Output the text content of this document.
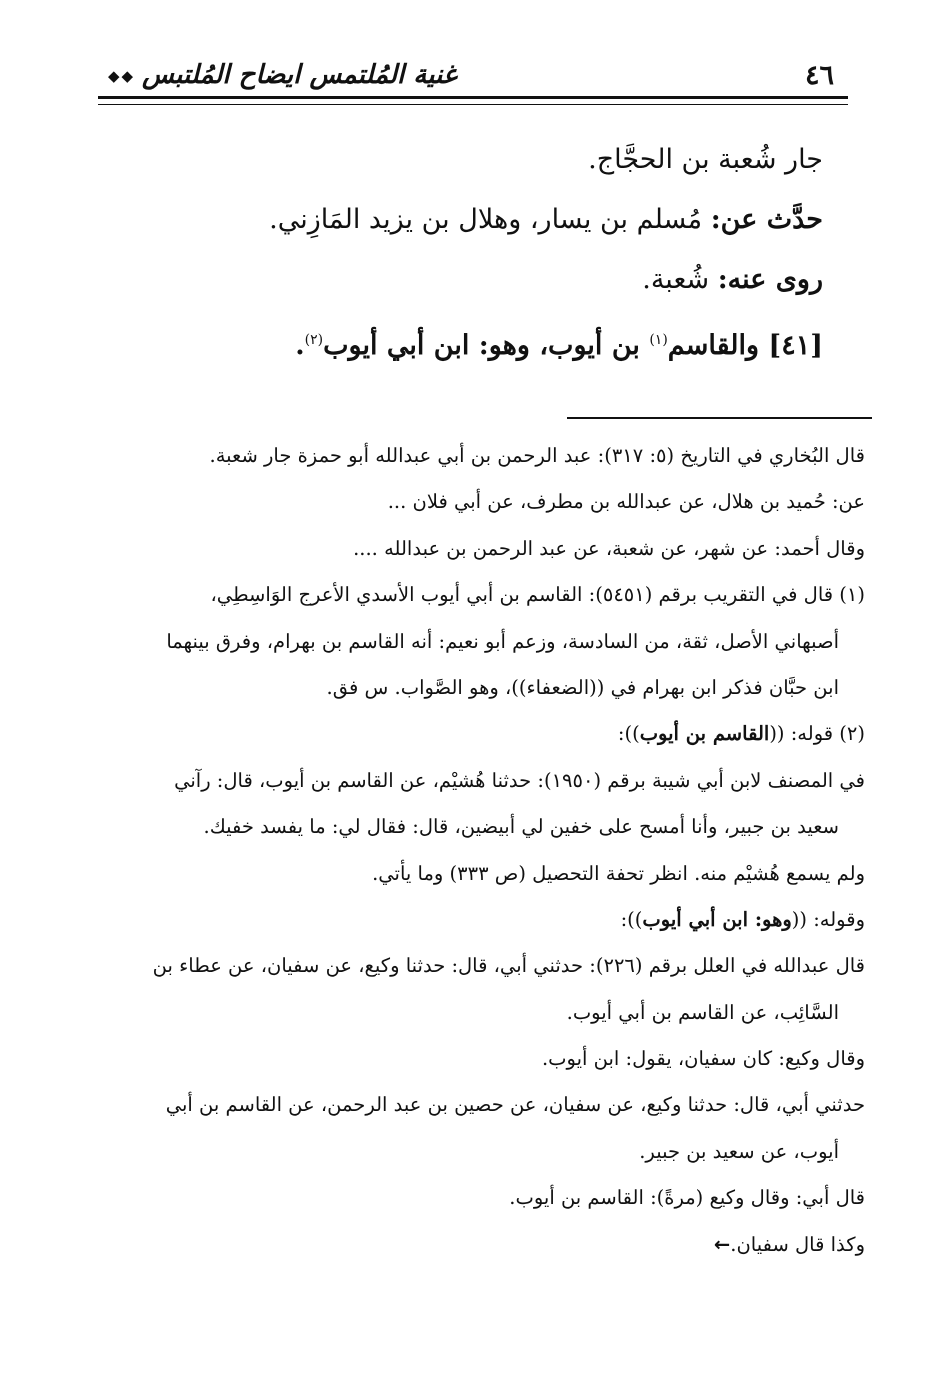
٤٦
غنية المُلتمس ايضاح المُلتبس
◆◆
جار شُعبة بن الحجَّاج.
حدَّث عن: مُسلم بن يسار، وهلال بن يزيد المَازِني.
روى عنه: شُعبة.
[٤١] والقاسم$^{(١)}$ بن أيوب، وهو: ابن أبي أيوب$^{(٢)}$.
قال البُخاري في التاريخ (٥: ٣١٧): عبد الرحمن بن أبي عبدالله أبو حمزة جار شعبة.
عن: حُميد بن هلال، عن عبدالله بن مطرف، عن أبي فلان ...
وقال أحمد: عن شهر، عن شعبة، عن عبد الرحمن بن عبدالله ....
(١) قال في التقريب برقم (٥٤٥١): القاسم بن أبي أيوب الأسدي الأعرج الوَاسِطِي،
أصبهاني الأصل، ثقة، من السادسة، وزعم أبو نعيم: أنه القاسم بن بهرام، وفرق بينهما
ابن حبَّان فذكر ابن بهرام في ((الضعفاء))، وهو الصَّواب. س فق.
(٢) قوله: ((القاسم بن أيوب)):
في المصنف لابن أبي شيبة برقم (١٩٥٠): حدثنا هُشيْم، عن القاسم بن أيوب، قال: رآني
سعيد بن جبير، وأنا أمسح على خفين لي أبيضين، قال: فقال لي: ما يفسد خفيك.
ولم يسمع هُشيْم منه. انظر تحفة التحصيل (ص ٣٣٣) وما يأتي.
وقوله: ((وهو: ابن أبي أيوب)):
قال عبدالله في العلل برقم (٢٢٦): حدثني أبي، قال: حدثنا وكيع، عن سفيان، عن عطاء بن
السَّائِب، عن القاسم بن أبي أيوب.
وقال وكيع: كان سفيان، يقول: ابن أيوب.
حدثني أبي، قال: حدثنا وكيع، عن سفيان، عن حصين بن عبد الرحمن، عن القاسم بن أبي
أيوب، عن سعيد بن جبير.
قال أبي: وقال وكيع (مرةً): القاسم بن أيوب.
وكذا قال سفيان.←
